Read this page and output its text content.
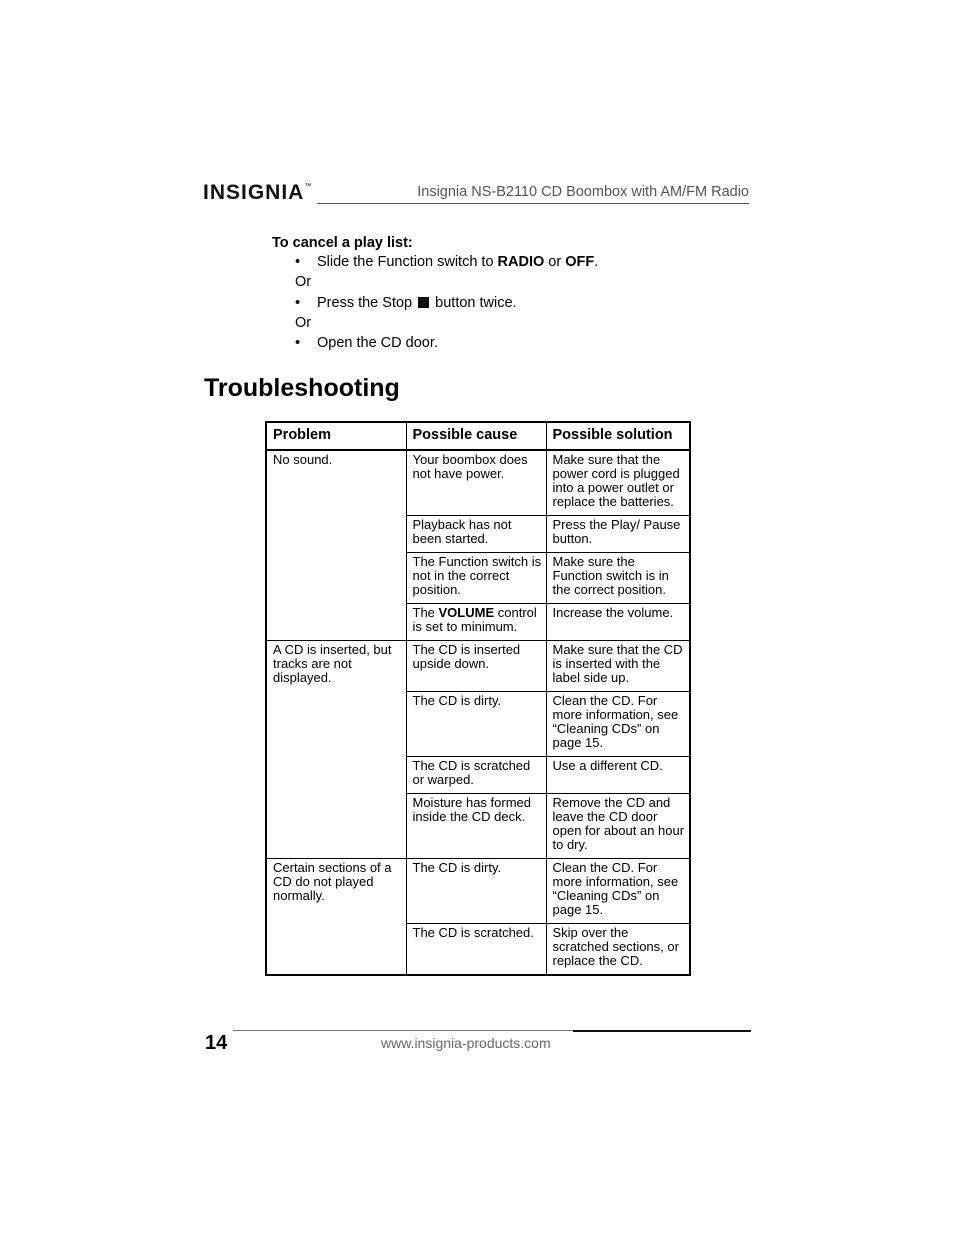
INSIGNIA™	Insignia NS-B2110 CD Boombox with AM/FM Radio
To cancel a play list:
• Slide the Function switch to RADIO or OFF.
Or
• Press the Stop  button twice.
Or
• Open the CD door.
Troubleshooting
Problem	Possible cause	Possible solution
No sound.	Your boombox does not have power.	Make sure that the power cord is plugged into a power outlet or replace the batteries.
	Playback has not been started.	Press the Play/ Pause button.
	The Function switch is not in the correct position.	Make sure the Function switch is in the correct position.
	The VOLUME control is set to minimum.	Increase the volume.
A CD is inserted, but tracks are not displayed.	The CD is inserted upside down.	Make sure that the CD is inserted with the label side up.
	The CD is dirty.	Clean the CD. For more information, see “Cleaning CDs” on page 15.
	The CD is scratched or warped.	Use a different CD.
	Moisture has formed inside the CD deck.	Remove the CD and leave the CD door open for about an hour to dry.
Certain sections of a CD do not played normally.	The CD is dirty.	Clean the CD. For more information, see “Cleaning CDs” on page 15.
	The CD is scratched.	Skip over the scratched sections, or replace the CD.
14	www.insignia-products.com
